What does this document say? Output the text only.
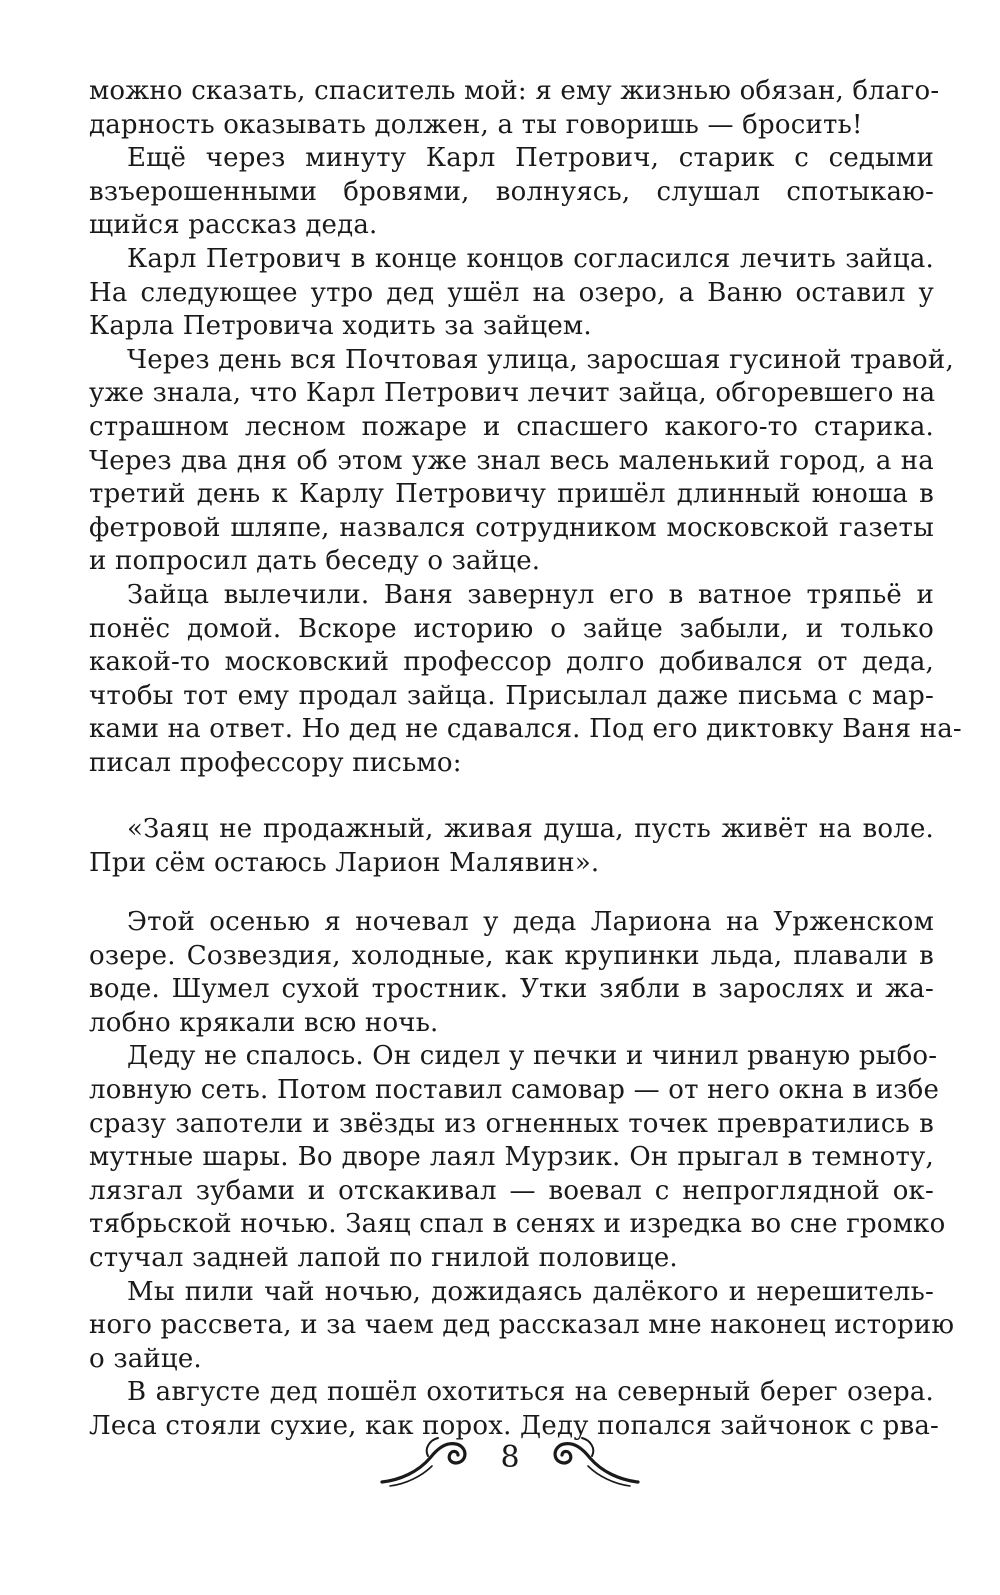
можно сказать, спаситель мой: я ему жизнью обязан, благо-
дарность оказывать должен, а ты говоришь — бросить!
Ещё через минуту Карл Петрович, старик с седыми
взъерошенными бровями, волнуясь, слушал спотыкаю-
щийся рассказ деда.
Карл Петрович в конце концов согласился лечить зайца.
На следующее утро дед ушёл на озеро, а Ваню оставил у
Карла Петровича ходить за зайцем.
Через день вся Почтовая улица, заросшая гусиной травой,
уже знала, что Карл Петрович лечит зайца, обгоревшего на
страшном лесном пожаре и спасшего какого-то старика.
Через два дня об этом уже знал весь маленький город, а на
третий день к Карлу Петровичу пришёл длинный юноша в
фетровой шляпе, назвался сотрудником московской газеты
и попросил дать беседу о зайце.
Зайца вылечили. Ваня завернул его в ватное тряпьё и
понёс домой. Вскоре историю о зайце забыли, и только
какой-то московский профессор долго добивался от деда,
чтобы тот ему продал зайца. Присылал даже письма с мар-
ками на ответ. Но дед не сдавался. Под его диктовку Ваня на-
писал профессору письмо:
«Заяц не продажный, живая душа, пусть живёт на воле.
При сём остаюсь Ларион Малявин».
Этой осенью я ночевал у деда Лариона на Урженском
озере. Созвездия, холодные, как крупинки льда, плавали в
воде. Шумел сухой тростник. Утки зябли в зарослях и жа-
лобно крякали всю ночь.
Деду не спалось. Он сидел у печки и чинил рваную рыбо-
ловную сеть. Потом поставил самовар — от него окна в избе
сразу запотели и звёзды из огненных точек превратились в
мутные шары. Во дворе лаял Мурзик. Он прыгал в темноту,
лязгал зубами и отскакивал — воевал с непроглядной ок-
тябрьской ночью. Заяц спал в сенях и изредка во сне громко
стучал задней лапой по гнилой половице.
Мы пили чай ночью, дожидаясь далёкого и нерешитель-
ного рассвета, и за чаем дед рассказал мне наконец историю
о зайце.
В августе дед пошёл охотиться на северный берег озера.
Леса стояли сухие, как порох. Деду попался зайчонок с рва-
8
